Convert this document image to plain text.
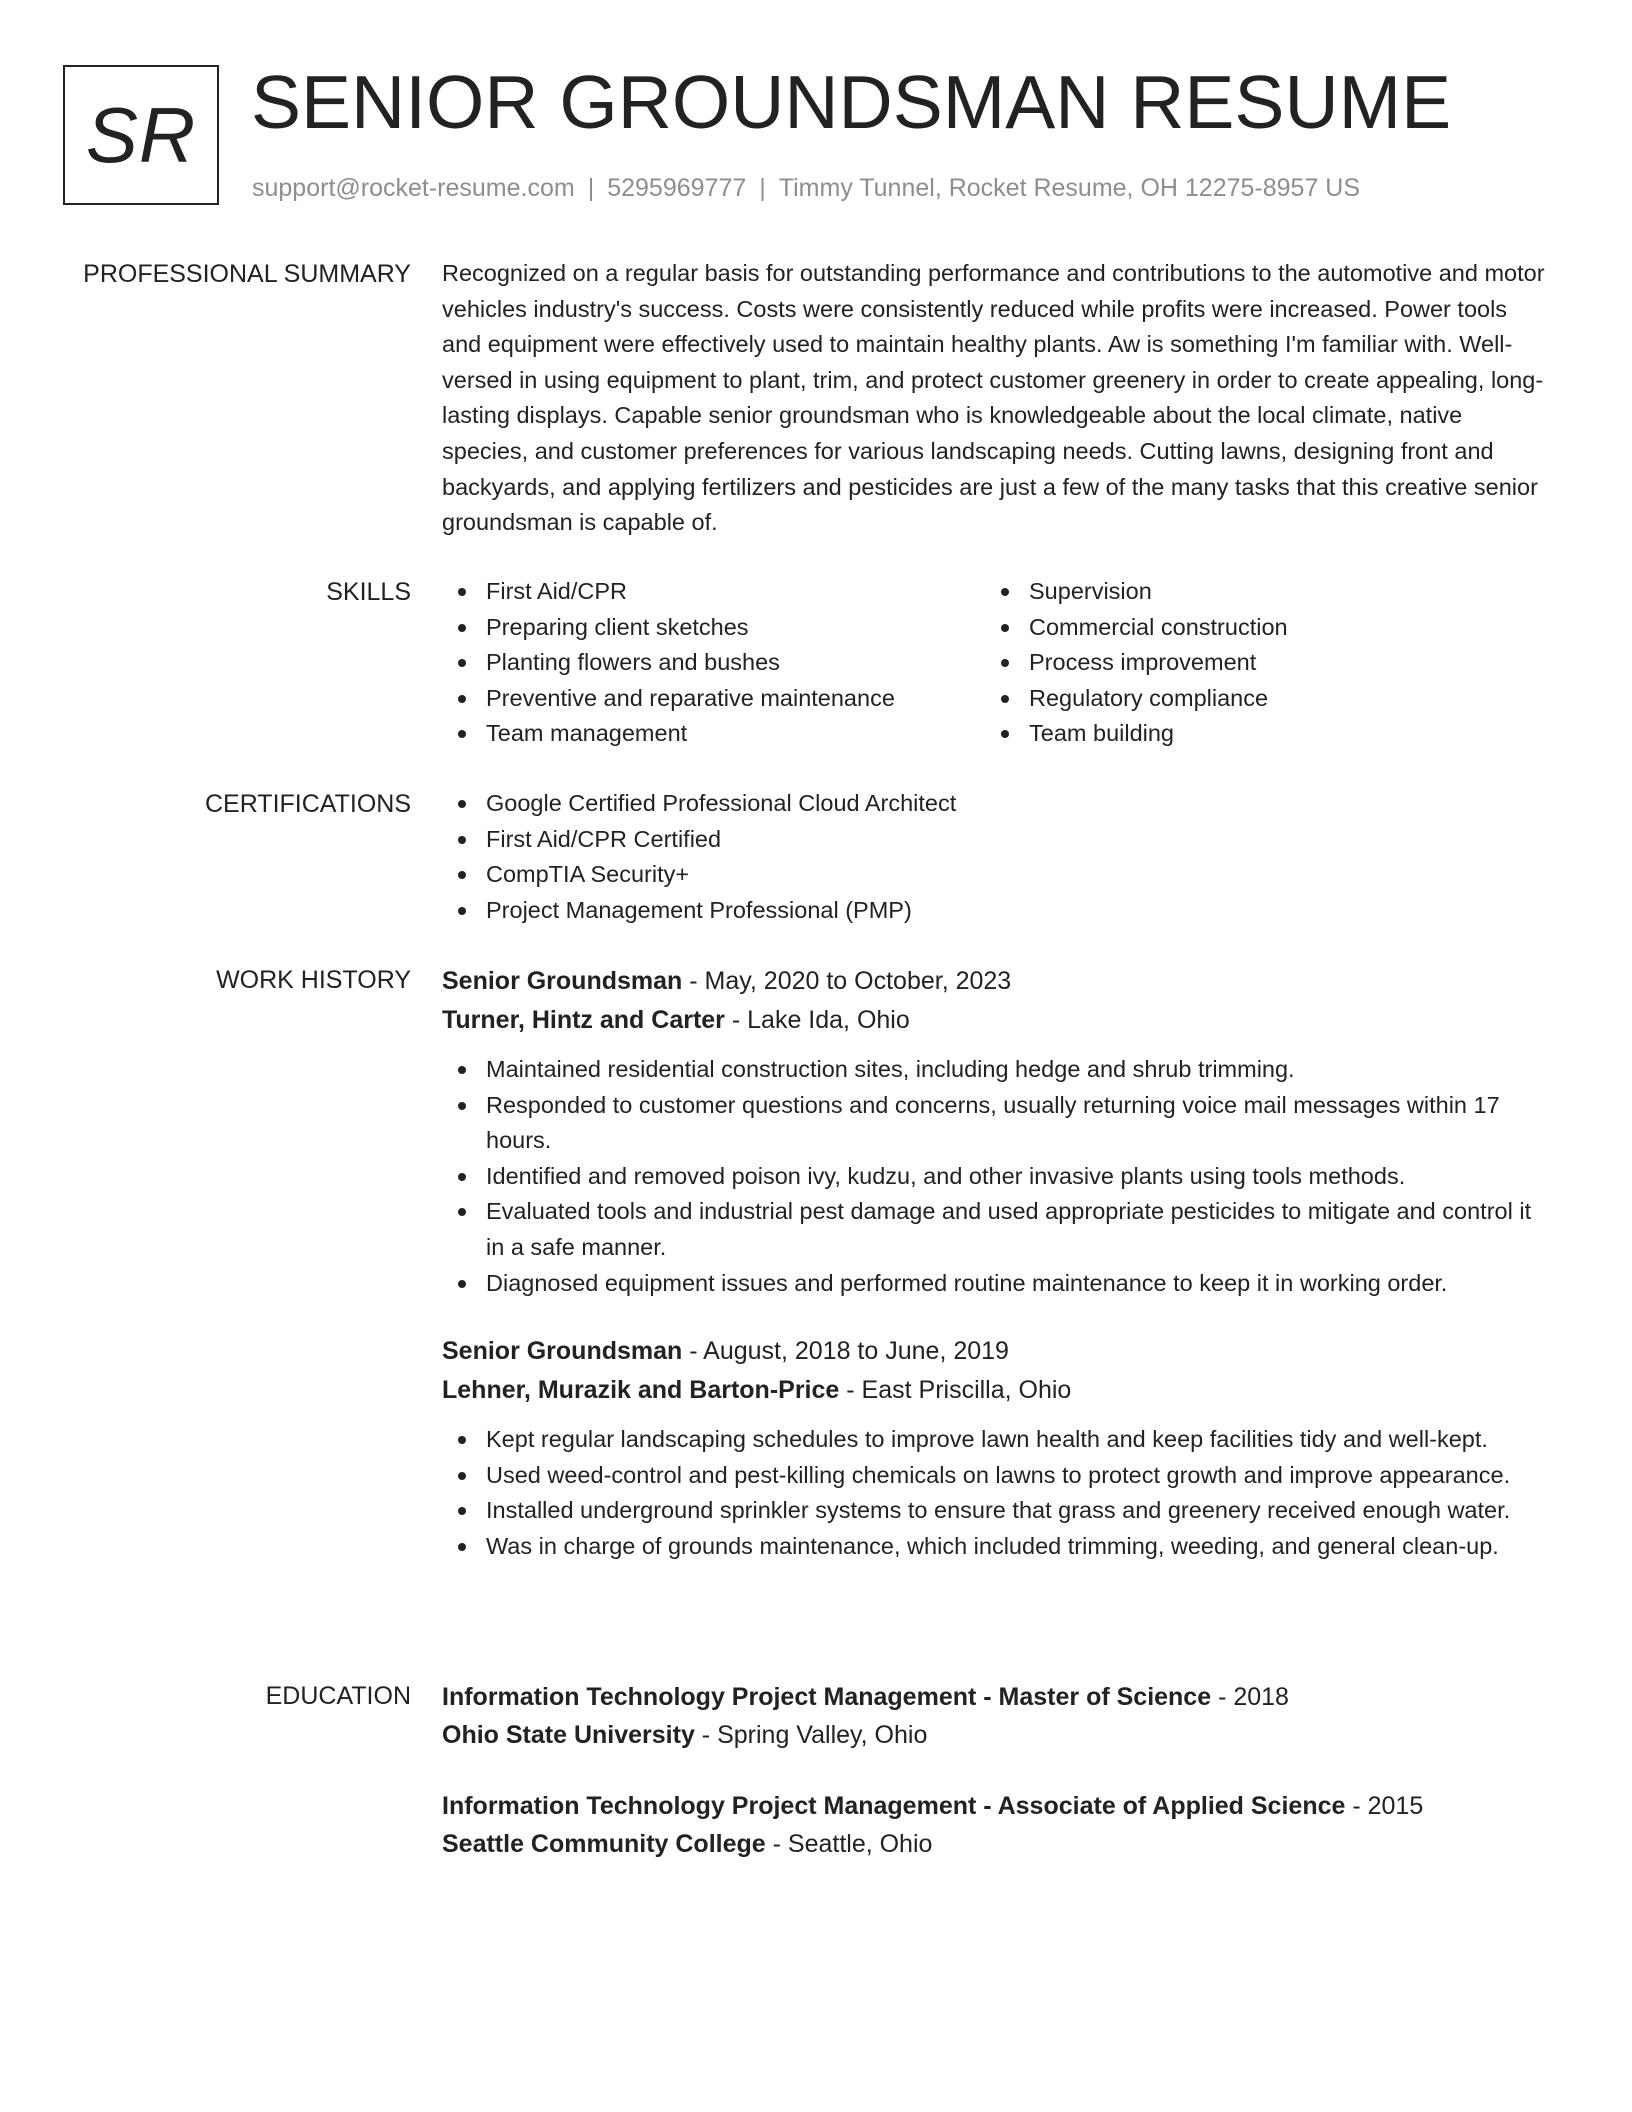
SR SENIOR GROUNDSMAN RESUME
support@rocket-resume.com | 5295969777 | Timmy Tunnel, Rocket Resume, OH 12275-8957 US
PROFESSIONAL SUMMARY Recognized on a regular basis for outstanding performance and contributions to the automotive and motor vehicles industry's success. Costs were consistently reduced while profits were increased. Power tools and equipment were effectively used to maintain healthy plants. Aw is something I'm familiar with. Well-versed in using equipment to plant, trim, and protect customer greenery in order to create appealing, long-lasting displays. Capable senior groundsman who is knowledgeable about the local climate, native species, and customer preferences for various landscaping needs. Cutting lawns, designing front and backyards, and applying fertilizers and pesticides are just a few of the many tasks that this creative senior groundsman is capable of.
SKILLS	First Aid/CPR
Preparing client sketches
Planting flowers and bushes
Preventive and reparative maintenance
Team management
Supervision
Commercial construction
Process improvement
Regulatory compliance
Team building
CERTIFICATIONS	Google Certified Professional Cloud Architect
First Aid/CPR Certified
CompTIA Security+
Project Management Professional (PMP)
WORK HISTORY Senior Groundsman - May, 2020 to October, 2023
Turner, Hintz and Carter - Lake Ida, Ohio
Maintained residential construction sites, including hedge and shrub trimming.
Responded to customer questions and concerns, usually returning voice mail messages within 17 hours.
Identified and removed poison ivy, kudzu, and other invasive plants using tools methods.
Evaluated tools and industrial pest damage and used appropriate pesticides to mitigate and control it in a safe manner.
Diagnosed equipment issues and performed routine maintenance to keep it in working order.
Senior Groundsman - August, 2018 to June, 2019
Lehner, Murazik and Barton-Price - East Priscilla, Ohio
Kept regular landscaping schedules to improve lawn health and keep facilities tidy and well-kept.
Used weed-control and pest-killing chemicals on lawns to protect growth and improve appearance.
Installed underground sprinkler systems to ensure that grass and greenery received enough water.
Was in charge of grounds maintenance, which included trimming, weeding, and general clean-up.
EDUCATION Information Technology Project Management - Master of Science - 2018
Ohio State University - Spring Valley, Ohio
Information Technology Project Management - Associate of Applied Science - 2015
Seattle Community College - Seattle, Ohio
